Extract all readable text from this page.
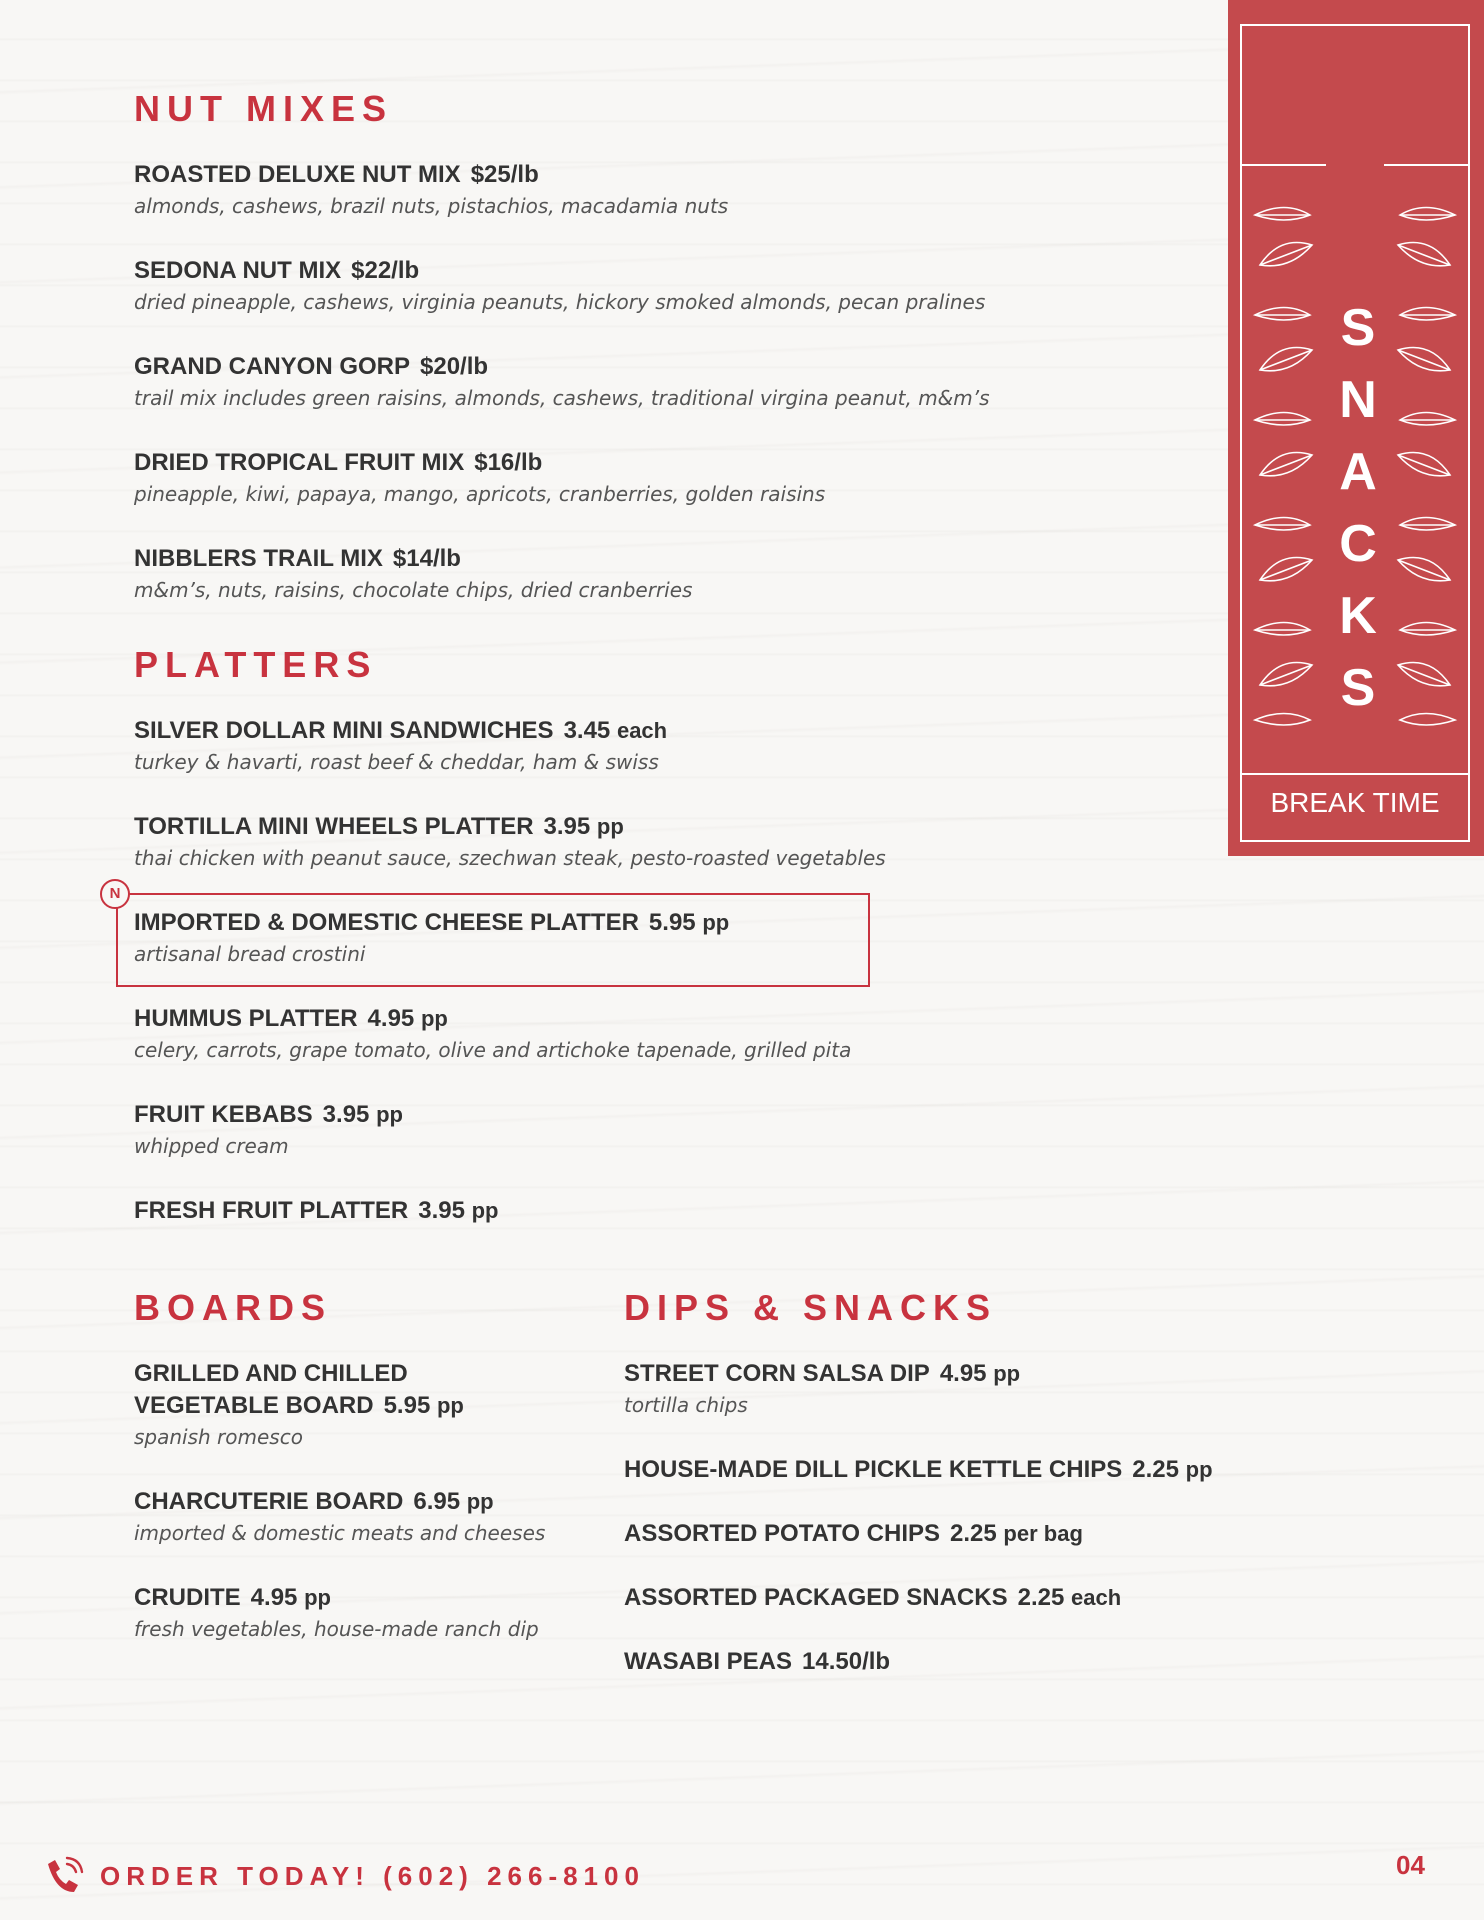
NUT MIXES
ROASTED DELUXE NUT MIX $25/lb
almonds, cashews, brazil nuts, pistachios, macadamia nuts
SEDONA NUT MIX $22/lb
dried pineapple, cashews, virginia peanuts, hickory smoked almonds, pecan pralines
GRAND CANYON GORP $20/lb
trail mix includes green raisins, almonds, cashews, traditional virgina peanut, m&m’s
DRIED TROPICAL FRUIT MIX $16/lb
pineapple, kiwi, papaya, mango, apricots, cranberries, golden raisins
NIBBLERS TRAIL MIX $14/lb
m&m’s, nuts, raisins, chocolate chips, dried cranberries
PLATTERS
SILVER DOLLAR MINI SANDWICHES 3.45 each
turkey & havarti, roast beef & cheddar, ham & swiss
TORTILLA MINI WHEELS PLATTER 3.95 pp
thai chicken with peanut sauce, szechwan steak, pesto-roasted vegetables
N
IMPORTED & DOMESTIC CHEESE PLATTER 5.95 pp
artisanal bread crostini
HUMMUS PLATTER 4.95 pp
celery, carrots, grape tomato, olive and artichoke tapenade, grilled pita
FRUIT KEBABS 3.95 pp
whipped cream
FRESH FRUIT PLATTER 3.95 pp
BOARDS
GRILLED AND CHILLED
VEGETABLE BOARD 5.95 pp
spanish romesco
CHARCUTERIE BOARD 6.95 pp
imported & domestic meats and cheeses
CRUDITE 4.95 pp
fresh vegetables, house-made ranch dip
DIPS & SNACKS
STREET CORN SALSA DIP 4.95 pp
tortilla chips
HOUSE-MADE DILL PICKLE KETTLE CHIPS 2.25 pp
ASSORTED POTATO CHIPS 2.25 per bag
ASSORTED PACKAGED SNACKS 2.25 each
WASABI PEAS 14.50/lb
S
N
A
C
K
S
BREAK TIME
ORDER TODAY! (602) 266-8100	04
